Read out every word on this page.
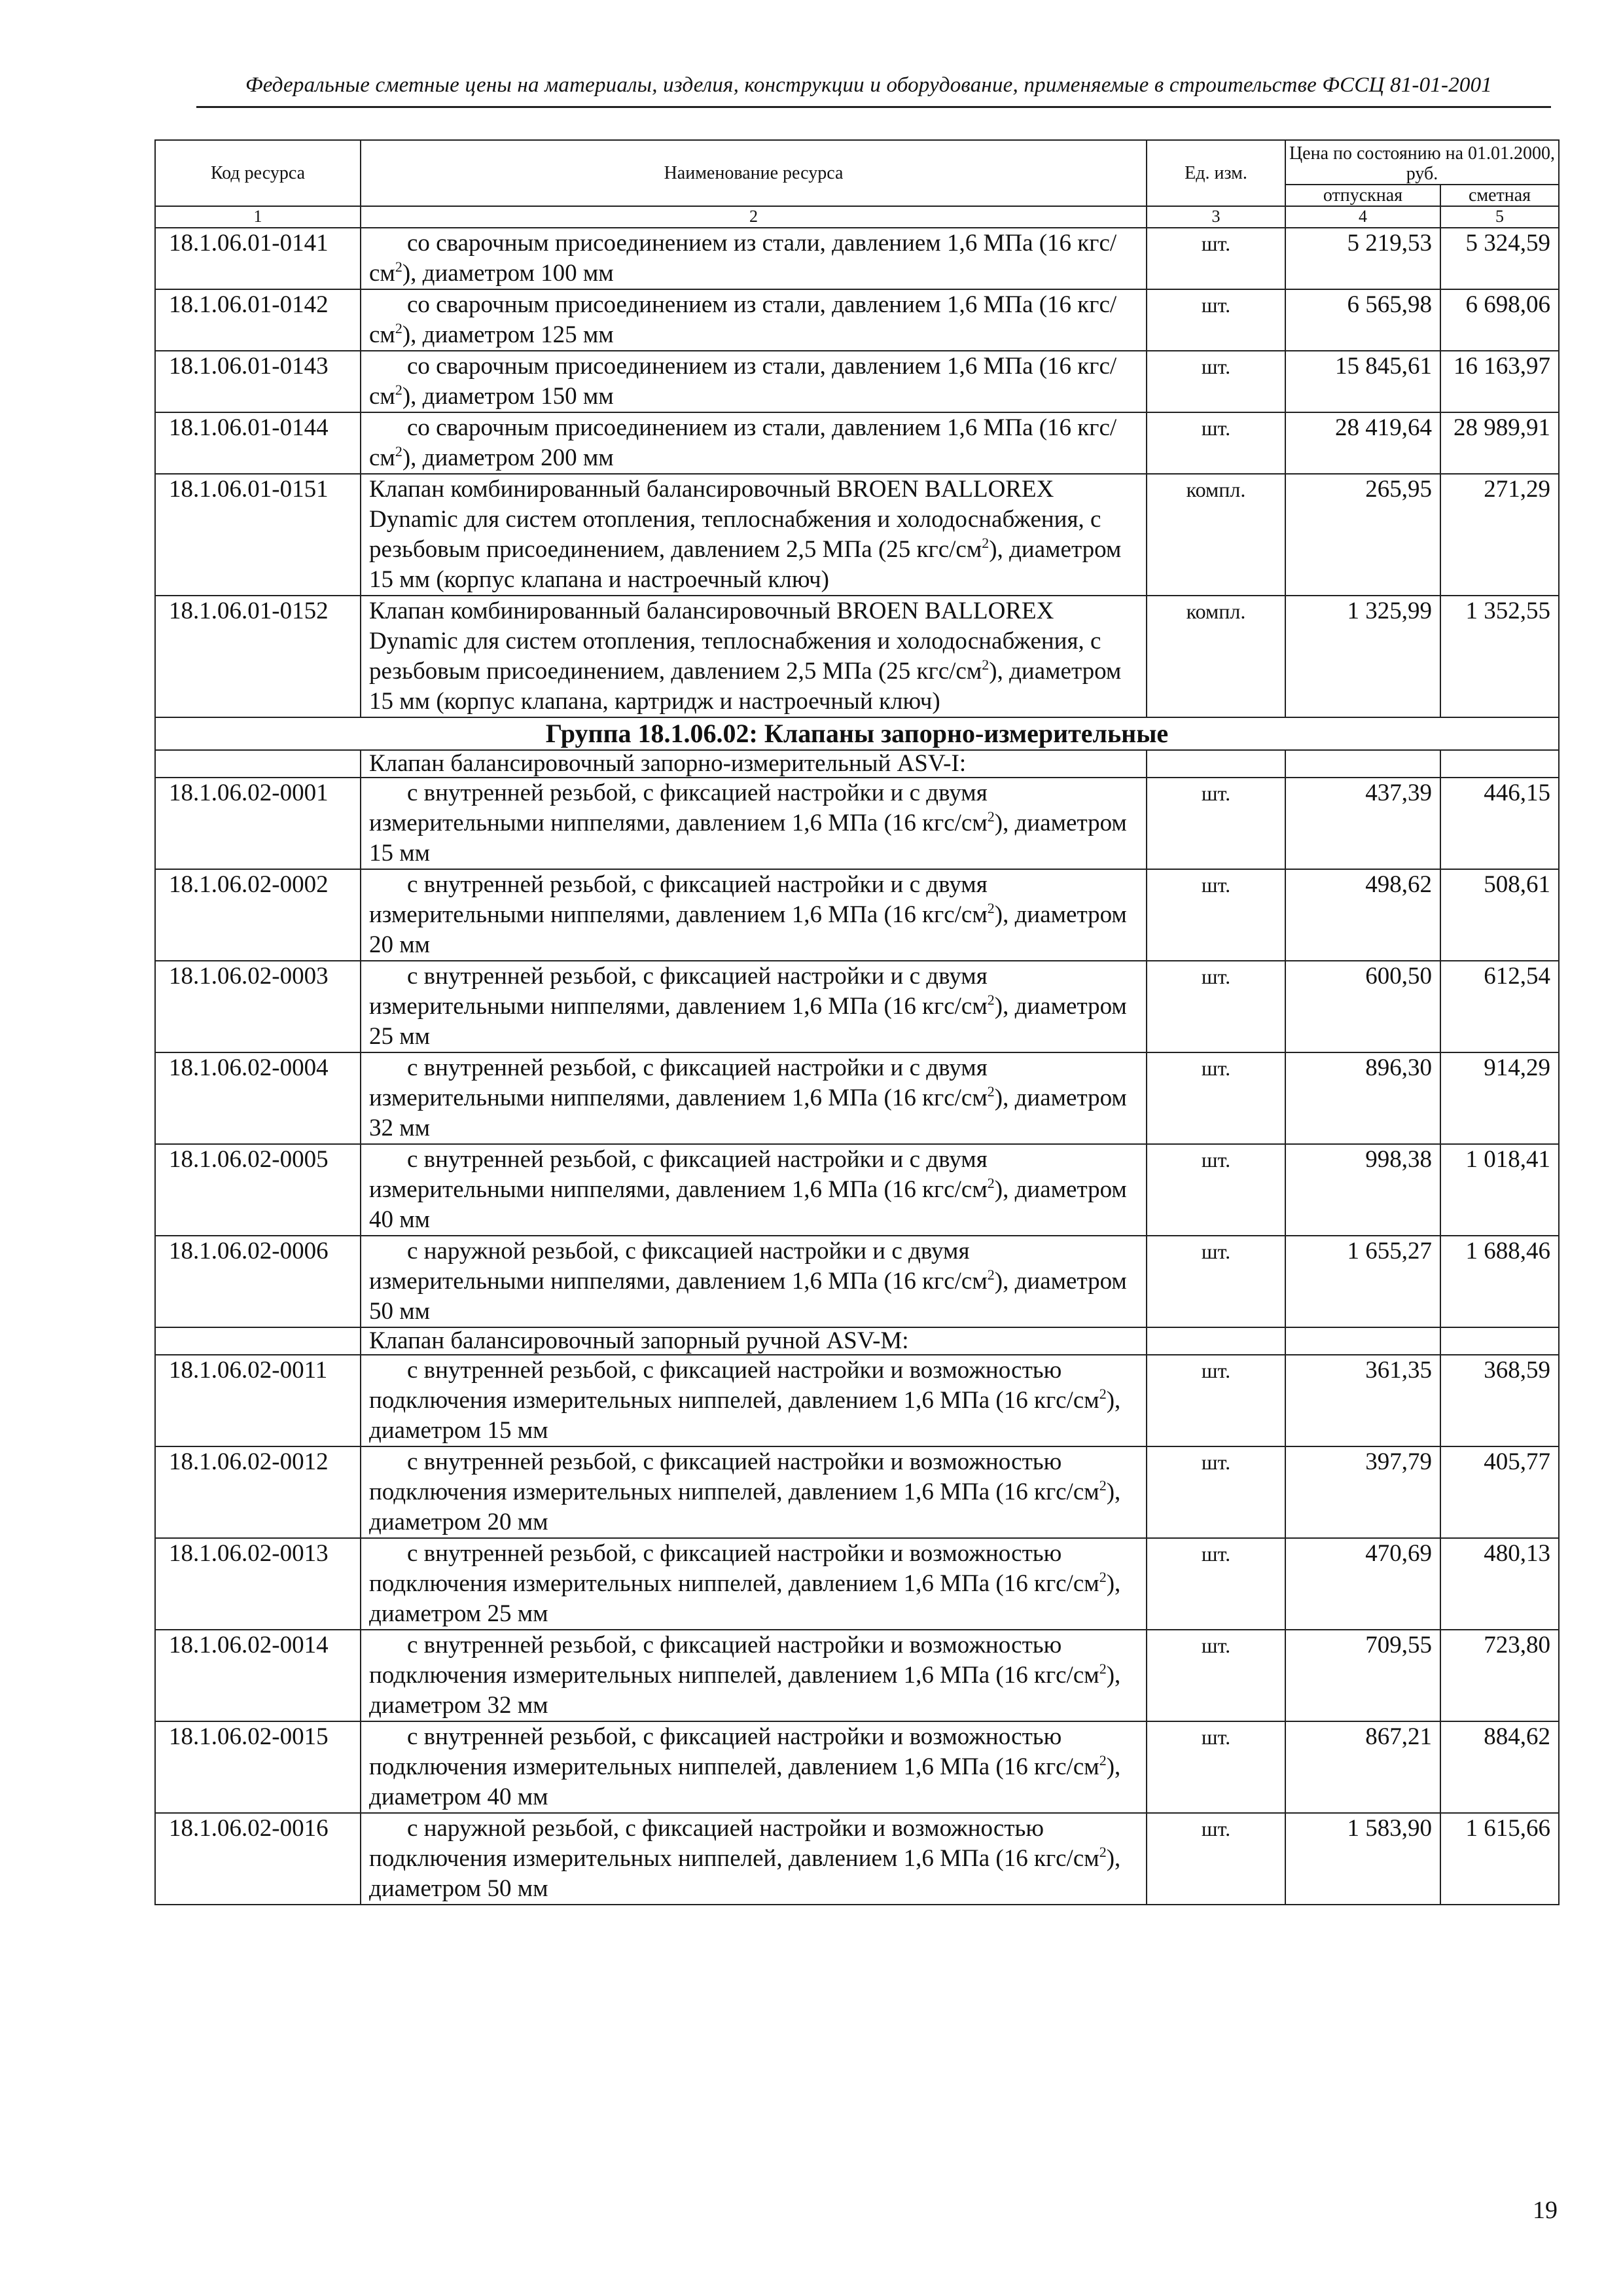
Федеральные сметные цены на материалы, изделия, конструкции и оборудование, применяемые в строительстве ФССЦ 81-01-2001
Код ресурса	Наименование ресурса	Ед. изм.	Цена по состоянию на 01.01.2000, руб.	
			отпускная	сметная
1	2	3	4	5
18.1.06.01-0141	со сварочным присоединением из стали, давлением 1,6 МПа (16 кгс/$см^2$), диаметром 100 мм	шт.	5 219,53	5 324,59
18.1.06.01-0142	со сварочным присоединением из стали, давлением 1,6 МПа (16 кгс/$см^2$), диаметром 125 мм	шт.	6 565,98	6 698,06
18.1.06.01-0143	со сварочным присоединением из стали, давлением 1,6 МПа (16 кгс/$см^2$), диаметром 150 мм	шт.	15 845,61	16 163,97
18.1.06.01-0144	со сварочным присоединением из стали, давлением 1,6 МПа (16 кгс/$см^2$), диаметром 200 мм	шт.	28 419,64	28 989,91
18.1.06.01-0151	Клапан комбинированный балансировочный BROEN BALLOREX Dynamic для систем отопления, теплоснабжения и холодоснабжения, с резьбовым присоединением, давлением 2,5 МПа (25 кгс/$см^2$), диаметром 15 мм (корпус клапана и настроечный ключ)	компл.	265,95	271,29
18.1.06.01-0152	Клапан комбинированный балансировочный BROEN BALLOREX Dynamic для систем отопления, теплоснабжения и холодоснабжения, с резьбовым присоединением, давлением 2,5 МПа (25 кгс/$см^2$), диаметром 15 мм (корпус клапана, картридж и настроечный ключ)	компл.	1 325,99	1 352,55
Группа 18.1.06.02: Клапаны запорно-измерительные				
	Клапан балансировочный запорно-измерительный ASV-I:			
18.1.06.02-0001	с внутренней резьбой, с фиксацией настройки и с двумя измерительными ниппелями, давлением 1,6 МПа (16 кгс/$см^2$), диаметром 15 мм	шт.	437,39	446,15
18.1.06.02-0002	с внутренней резьбой, с фиксацией настройки и с двумя измерительными ниппелями, давлением 1,6 МПа (16 кгс/$см^2$), диаметром 20 мм	шт.	498,62	508,61
18.1.06.02-0003	с внутренней резьбой, с фиксацией настройки и с двумя измерительными ниппелями, давлением 1,6 МПа (16 кгс/$см^2$), диаметром 25 мм	шт.	600,50	612,54
18.1.06.02-0004	с внутренней резьбой, с фиксацией настройки и с двумя измерительными ниппелями, давлением 1,6 МПа (16 кгс/$см^2$), диаметром 32 мм	шт.	896,30	914,29
18.1.06.02-0005	с внутренней резьбой, с фиксацией настройки и с двумя измерительными ниппелями, давлением 1,6 МПа (16 кгс/$см^2$), диаметром 40 мм	шт.	998,38	1 018,41
18.1.06.02-0006	с наружной резьбой, с фиксацией настройки и с двумя измерительными ниппелями, давлением 1,6 МПа (16 кгс/$см^2$), диаметром 50 мм	шт.	1 655,27	1 688,46
	Клапан балансировочный запорный ручной ASV-M:			
18.1.06.02-0011	с внутренней резьбой, с фиксацией настройки и возможностью подключения измерительных ниппелей, давлением 1,6 МПа (16 кгс/$см^2$), диаметром 15 мм	шт.	361,35	368,59
18.1.06.02-0012	с внутренней резьбой, с фиксацией настройки и возможностью подключения измерительных ниппелей, давлением 1,6 МПа (16 кгс/$см^2$), диаметром 20 мм	шт.	397,79	405,77
18.1.06.02-0013	с внутренней резьбой, с фиксацией настройки и возможностью подключения измерительных ниппелей, давлением 1,6 МПа (16 кгс/$см^2$), диаметром 25 мм	шт.	470,69	480,13
18.1.06.02-0014	с внутренней резьбой, с фиксацией настройки и возможностью подключения измерительных ниппелей, давлением 1,6 МПа (16 кгс/$см^2$), диаметром 32 мм	шт.	709,55	723,80
18.1.06.02-0015	с внутренней резьбой, с фиксацией настройки и возможностью подключения измерительных ниппелей, давлением 1,6 МПа (16 кгс/$см^2$), диаметром 40 мм	шт.	867,21	884,62
18.1.06.02-0016	с наружной резьбой, с фиксацией настройки и возможностью подключения измерительных ниппелей, давлением 1,6 МПа (16 кгс/$см^2$), диаметром 50 мм	шт.	1 583,90	1 615,66
19
